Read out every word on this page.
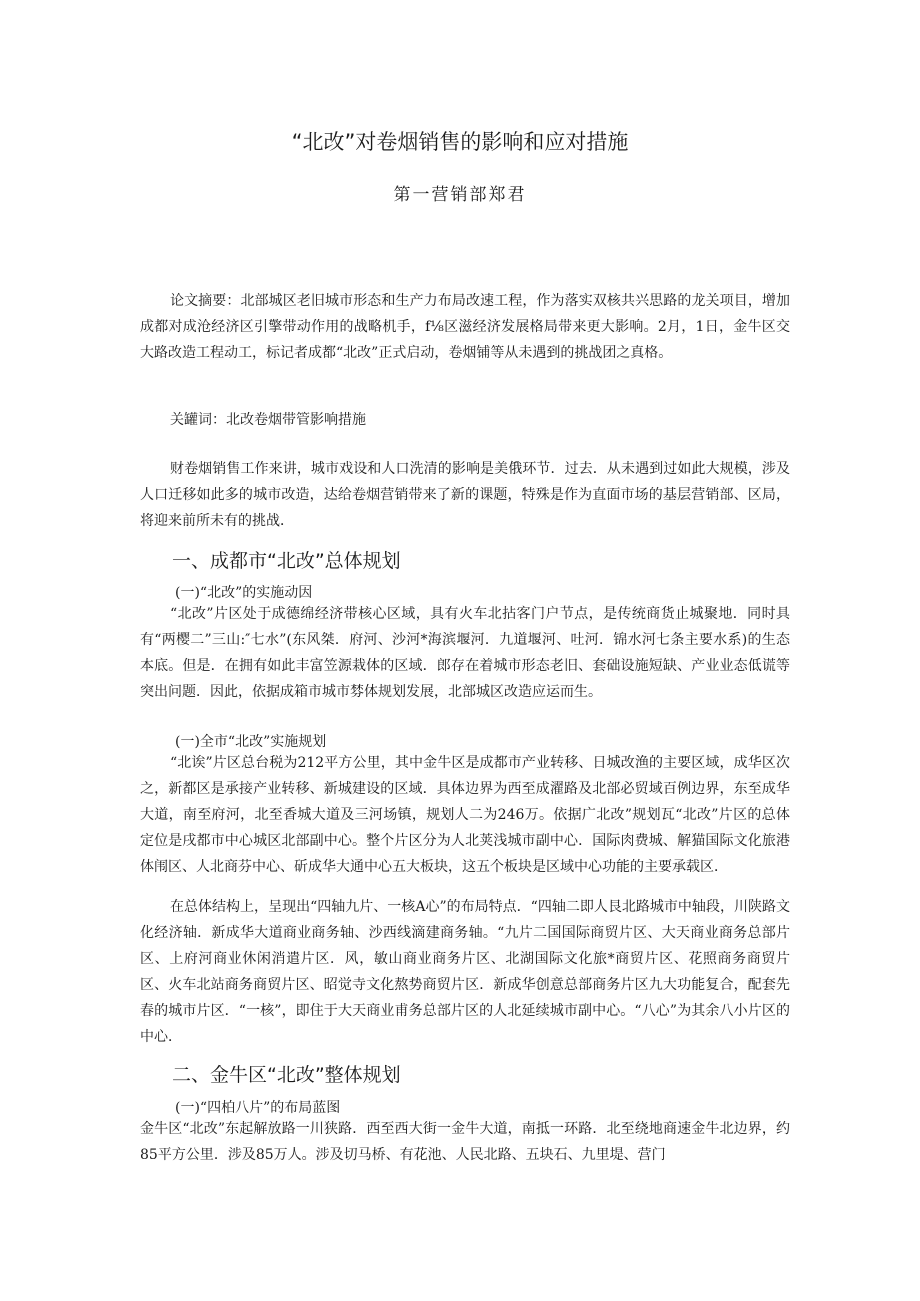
“北改”对卷烟销售的影响和应对措施
第一营销部郑君

论文摘要：北部城区老旧城市形态和生产力布局改速工程，作为落实双核共兴思路的龙关项目，增加成都对成沧经济区引擎带动作用的战略机手，f⅛区滋经济发展格局带来更大影响。2月，1日，金牛区交大路改造工程动工，标记者成都“北改”正式启动，卷烟铺等从未遇到的挑战团之真格。

关罐词：北改卷烟带管影响措施

财卷烟销售工作来讲，城市戏设和人口洗清的影响是美俄环节．过去．从未遇到过如此大规模，涉及人口迁移如此多的城市改造，达给卷烟营销带来了新的课题，特殊是作为直面市场的基层营销部、区局，将迎来前所未有的挑战．

一、成都市“北改”总体规划
(一)“北改”的实施动因

“北改”片区处于成德绵经济带核心区域，具有火车北拈客门户节点，是传统商货止城聚地．同时具有“两樱二”三山:″七水”(东风桀．府河、沙河*海滨堰河．九道堰河、吐河．锦水河七条主要水系)的生态本底。但是．在拥有如此丰富笠源栽体的区域．郎存在着城市形态老旧、套础设施短缺、产业业态低谎等突出问题．因此，依据成箱市城市棼体规划发展，北部城区改造应运而生。

(一)全市“北改”实施规划

“北诶”片区总台税为212平方公里，其中金牛区是成都市产业转移、日城改渔的主要区域，成华区次之，新都区是承接产业转移、新城建设的区域．具体边界为西至成濯路及北部必贸域百例边界，东至成华大道，南至府河，北至香城大道及三河场镇，规划人二为246万。依据广北改”规划瓦“北改”片区的总体定位是戌都市中心城区北部副中心。整个片区分为人北荚浅城市副中心．国际肉费城、解猫国际文化旅港体闱区、人北商芬中心、斫成华大通中心五大板块，这五个板块是区域中心功能的主要承载区．

在总体结构上，呈现出“四轴九片、一核A心”的布局特点．“四轴二即人艮北路城市中轴段，川陕路文化经济轴．新成华大道商业商务轴、沙西线滴建商务轴。“九片二国国际商贸片区、大天商业商务总部片区、上府河商业休闲消遣片区．风，敏山商业商务片区、北湖国际文化旅*商贸片区、花照商务商贸片区、火车北站商务商贸片区、昭觉寺文化熬势商贸片区．新成华创意总部商务片区九大功能复合，配套先春的城市片区．“一核”，即住于大天商业甫务总部片区的人北延续城市副中心。“八心”为其余八小片区的中心．

二、金牛区“北改”整体规划
(一)“四柏八片”的布局蓝图

金牛区“北改”东起解放路一川狭路．西至西大街一金牛大道，南抵一环路．北至绕地商速金牛北边界，约85平方公里．涉及85万人。涉及切马桥、有花池、人民北路、五块石、九里堤、营门
